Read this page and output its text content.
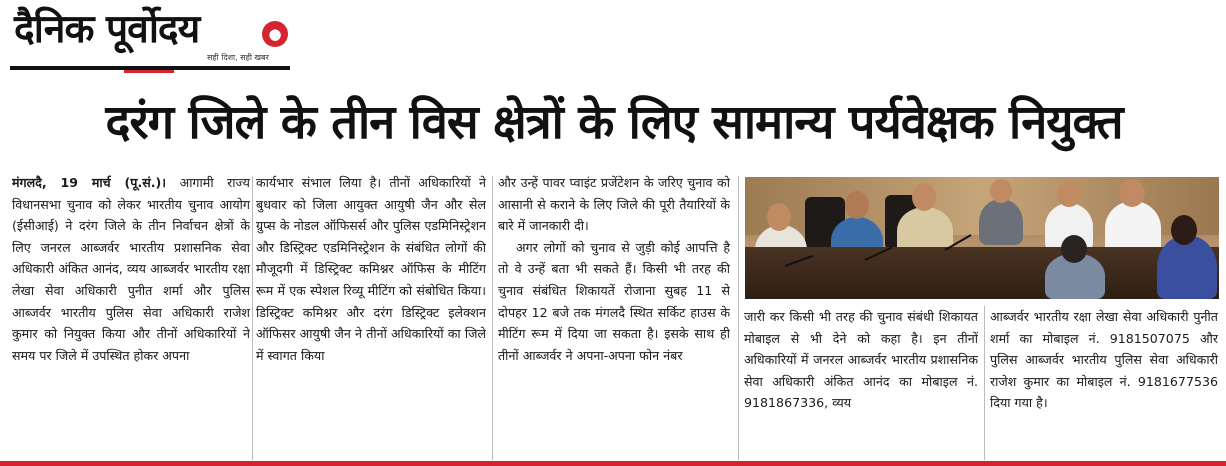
दैनिक पूर्वोदय	●
सही दिशा, सही खबर
दरंग जिले के तीन विस क्षेत्रों के लिए सामान्य पर्यवेक्षक नियुक्त

मंगलदै, 19 मार्च (पू.सं.)। आगामी राज्य विधानसभा चुनाव को लेकर भारतीय चुनाव आयोग (ईसीआई) ने दरंग जिले के तीन निर्वाचन क्षेत्रों के लिए जनरल आब्जर्वर भारतीय प्रशासनिक सेवा अधिकारी अंकित आनंद, व्यय आब्जर्वर भारतीय रक्षा लेखा सेवा अधिकारी पुनीत शर्मा और पुलिस आब्जर्वर भारतीय पुलिस सेवा अधिकारी राजेश कुमार को नियुक्त किया और तीनों अधिकारियों ने समय पर जिले में उपस्थित होकर अपना

कार्यभार संभाल लिया है। तीनों अधिकारियों ने बुधवार को जिला आयुक्त आयुषी जैन और सेल ग्रुप्स के नोडल ऑफिसर्स और पुलिस एडमिनिस्ट्रेशन और डिस्ट्रिक्ट एडमिनिस्ट्रेशन के संबंधित लोगों की मौजूदगी में डिस्ट्रिक्ट कमिश्नर ऑफिस के मीटिंग रूम में एक स्पेशल रिव्यू मीटिंग को संबोधित किया। डिस्ट्रिक्ट कमिश्नर और दरंग डिस्ट्रिक्ट इलेक्शन ऑफिसर आयुषी जैन ने तीनों अधिकारियों का जिले में स्वागत किया

और उन्हें पावर प्वाइंट प्रजेंटेशन के जरिए चुनाव को आसानी से कराने के लिए जिले की पूरी तैयारियों के बारे में जानकारी दी।

अगर लोगों को चुनाव से जुड़ी कोई आपत्ति है तो वे उन्हें बता भी सकते हैं। किसी भी तरह की चुनाव संबंधित शिकायतें रोजाना सुबह 11 से दोपहर 12 बजे तक मंगलदै स्थित सर्किट हाउस के मीटिंग रूम में दिया जा सकता है। इसके साथ ही तीनों आब्जर्वर ने अपना-अपना फोन नंबर

जारी कर किसी भी तरह की चुनाव संबंधी शिकायत मोबाइल से भी देने को कहा है। इन तीनों अधिकारियों में जनरल आब्जर्वर भारतीय प्रशासनिक सेवा अधिकारी अंकित आनंद का मोबाइल नं. 9181867336, व्यय

आब्जर्वर भारतीय रक्षा लेखा सेवा अधिकारी पुनीत शर्मा का मोबाइल नं. 9181507075 और पुलिस आब्जर्वर भारतीय पुलिस सेवा अधिकारी राजेश कुमार का मोबाइल नं. 9181677536 दिया गया है।
